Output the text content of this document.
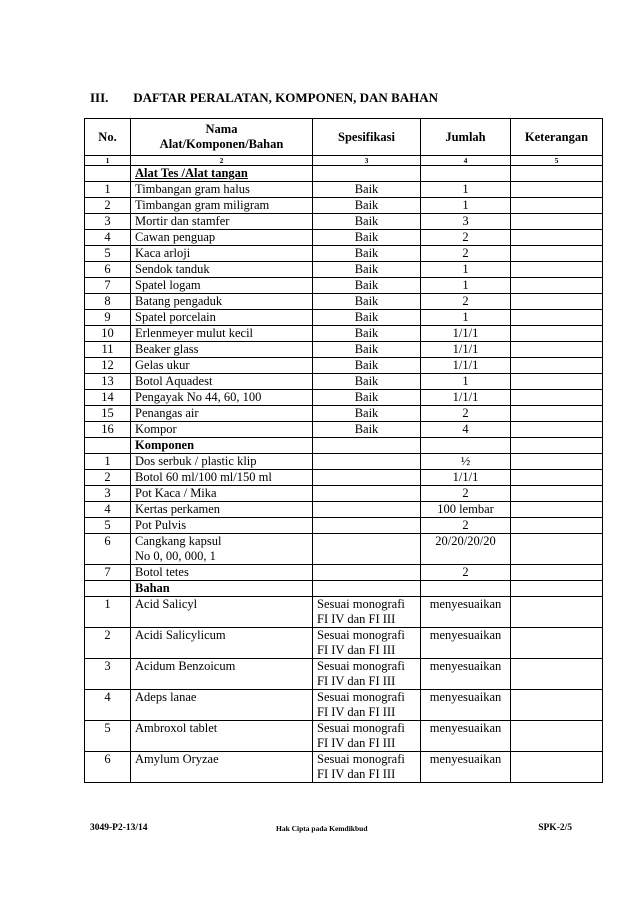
III. DAFTAR PERALATAN, KOMPONEN, DAN BAHAN
No.	Nama
Alat/Komponen/Bahan	Spesifikasi	Jumlah	Keterangan
1	2	3	4	5
	Alat Tes /Alat tangan			
1	Timbangan gram halus	Baik	1	
2	Timbangan gram miligram	Baik	1	
3	Mortir dan stamfer	Baik	3	
4	Cawan penguap	Baik	2	
5	Kaca arloji	Baik	2	
6	Sendok tanduk	Baik	1	
7	Spatel logam	Baik	1	
8	Batang pengaduk	Baik	2	
9	Spatel porcelain	Baik	1	
10	Erlenmeyer mulut kecil	Baik	1/1/1	
11	Beaker glass	Baik	1/1/1	
12	Gelas ukur	Baik	1/1/1	
13	Botol Aquadest	Baik	1	
14	Pengayak No 44, 60, 100	Baik	1/1/1	
15	Penangas air	Baik	2	
16	Kompor	Baik	4	
	Komponen			
1	Dos serbuk / plastic klip		½	
2	Botol 60 ml/100 ml/150 ml		1/1/1	
3	Pot Kaca / Mika		2	
4	Kertas perkamen		100 lembar	
5	Pot Pulvis		2	
6	Cangkang kapsul
No 0, 00, 000, 1		20/20/20/20	
7	Botol tetes		2	
	Bahan			
1	Acid Salicyl	Sesuai monografi
FI IV dan FI III	menyesuaikan	
2	Acidi Salicylicum	Sesuai monografi
FI IV dan FI III	menyesuaikan	
3	Acidum Benzoicum	Sesuai monografi
FI IV dan FI III	menyesuaikan	
4	Adeps lanae	Sesuai monografi
FI IV dan FI III	menyesuaikan	
5	Ambroxol tablet	Sesuai monografi
FI IV dan FI III	menyesuaikan	
6	Amylum Oryzae	Sesuai monografi
FI IV dan FI III	menyesuaikan	
3049-P2-13/14	Hak Cipta pada Kemdikbud	SPK-2/5
